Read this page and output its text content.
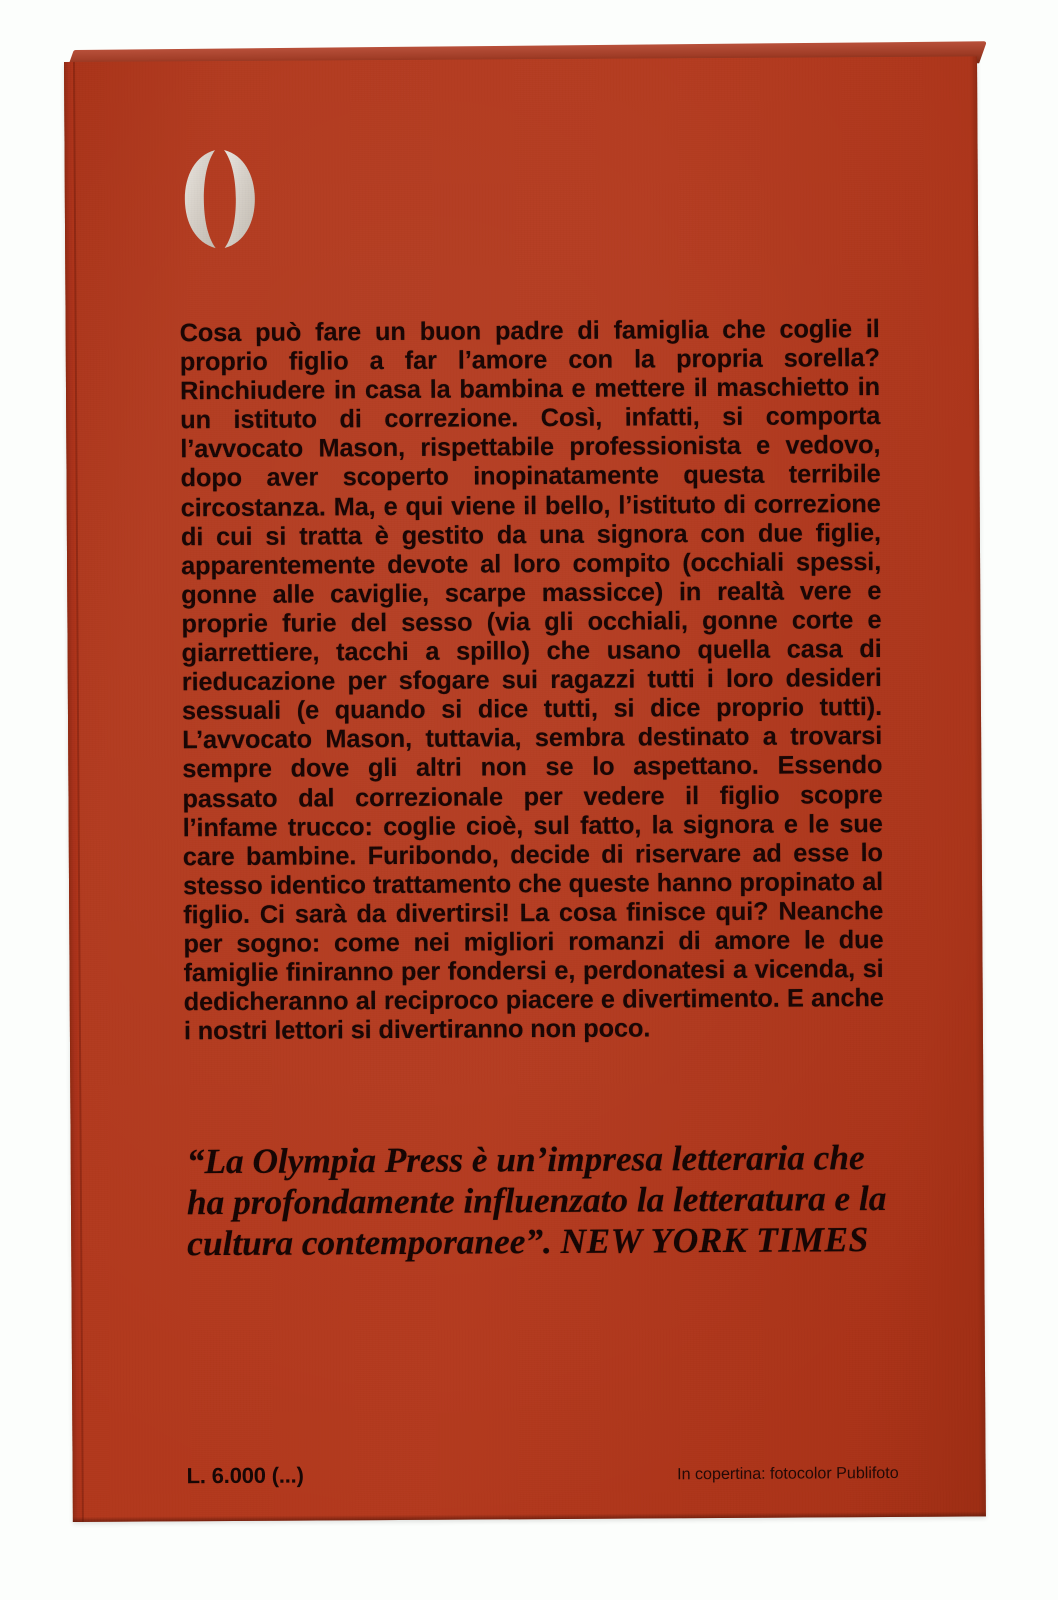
Cosa può fare un buon padre di famiglia che coglie il proprio figlio a far l’amore con la propria sorella? Rinchiudere in casa la bambina e mettere il maschietto in un istituto di correzione. Così, infatti, si comporta l’avvocato Mason, rispettabile professionista e vedovo, dopo aver scoperto inopinatamente questa terribile circostanza. Ma, e qui viene il bello, l’istituto di correzione di cui si tratta è gestito da una signora con due figlie, apparentemente devote al loro compito (occhiali spessi, gonne alle caviglie, scarpe massicce) in realtà vere e proprie furie del sesso (via gli occhiali, gonne corte e giarrettiere, tacchi a spillo) che usano quella casa di rieducazione per sfogare sui ragazzi tutti i loro desideri sessuali (e quando si dice tutti, si dice proprio tutti). L’avvocato Mason, tuttavia, sembra destinato a trovarsi sempre dove gli altri non se lo aspettano. Essendo passato dal correzionale per vedere il figlio scopre l’infame trucco: coglie cioè, sul fatto, la signora e le sue care bambine. Furibondo, decide di riservare ad esse lo stesso identico trattamento che queste hanno propinato al figlio. Ci sarà da divertirsi! La cosa finisce qui? Neanche per sogno: come nei migliori romanzi di amore le due famiglie finiranno per fondersi e, perdonatesi a vicenda, si dedicheranno al reciproco piacere e divertimento. E anche i nostri lettori si divertiranno non poco.

“La Olympia Press è un’impresa letteraria che ha profondamente influenzato la letteratura e la cultura contemporanee”. NEW YORK TIMES
L. 6.000 (...)	In copertina: fotocolor Publifoto
